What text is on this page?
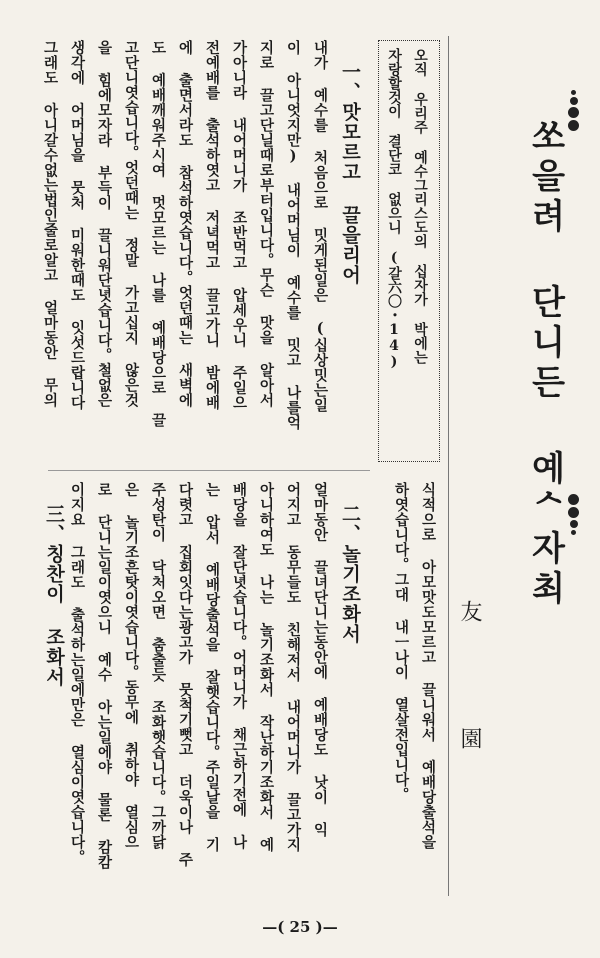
쏘을려 단니든 예ᄉ자최
友 園
오직 우리주 예수그리스도의 십자가 박에는
자랑할것이 결단코 없으니 (갈六〇・14)
一、맛모르고 끌을리어
내가 예수를 처음으로 밋게된일은 (십상밋는일
이 아니엇지만) 내어머님이 예수를 밋고 나를억
지로 끌고단닐때로부터입니다。무슨 맛을 알아서
가아니라 내어머니가 조반먹고 압세우니 주일으
전예배를 출석하엿고 저녁먹고 끌고가니 밤에배
에 출면서라도 참석하엿습니다。엇던때는 새벽에
도 예배깨워주시여 멋모르는 나를 예배당으로 끌
고단니엿습니다。엇던때는 정말 가고십지 않은것
을 힘에모자라 부득이 끌니워단녓습니다。철없은
생각에 어머님을 뭇처 미워한때도 잇섯드랍니다
그래도 아니갈수없는법인줄로알고 얼마동안 무의
식적으로 아모맛도모르고 끌니워서 예배당출석을
하엿습니다。그대 내ㅡ나이 열살전입니다。
二、놀기조화서
얼마동안 끌녀단니는동안에 예배당도 낫이 익
어지고 동무들도 친해저서 내어머니가 끌고가지
아니하여도 나는 놀기조화서 작난하기조화서 예
배당을 잘단녓습니다。어머니가 채근하기전에 나
는 압서 예배당출석을 잘햇습니다。주일날을 기
다렷고 집회잇다는광고가 뭇척기뻣고 더욱이나 주
주성탄이 닥처오면 춤출듯 조화햇습니다。그까닭
은 놀기조흔탓이엿습니다。동무에 취하야 열심으
로 단니는일이엿으니 예수 아는일에야 물론 캄캄
이지요 그래도 출석하는일에만은 열심이엿습니다。
三、칭찬이 조화서
—( 25 )—
